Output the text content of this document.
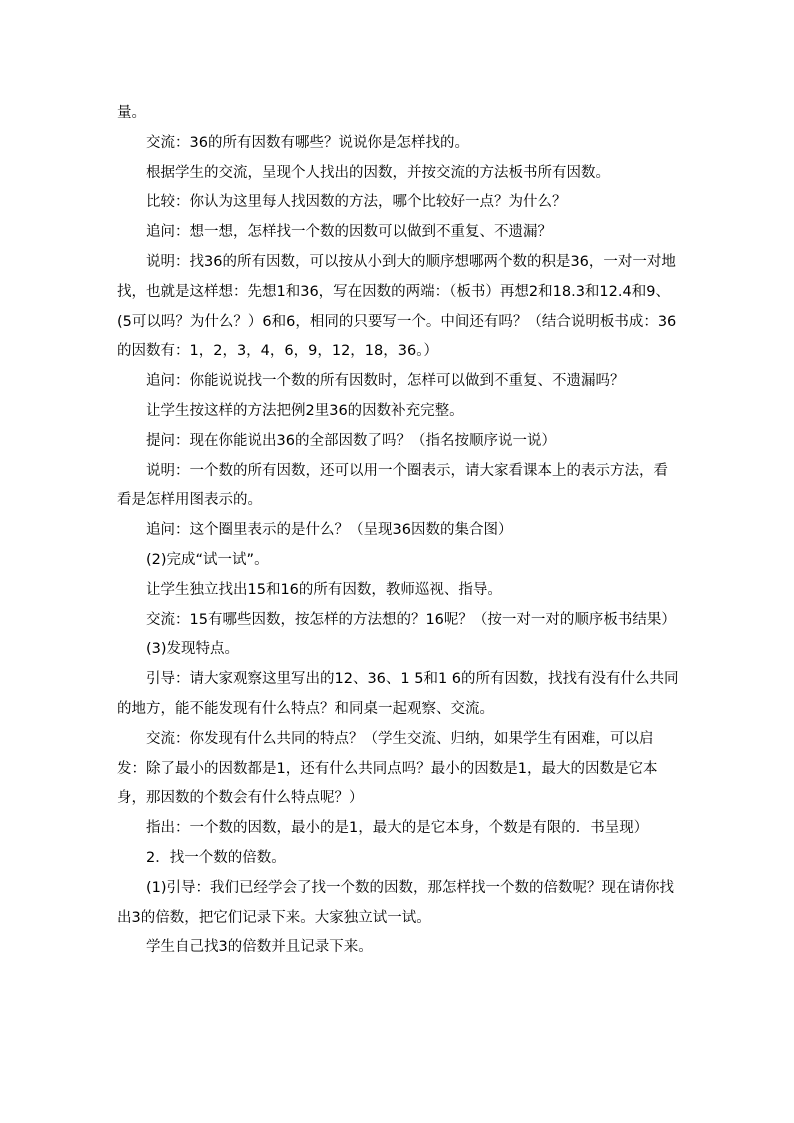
量。

交流：36的所有因数有哪些？说说你是怎样找的。

根据学生的交流，呈现个人找出的因数，并按交流的方法板书所有因数。

比较：你认为这里每人找因数的方法，哪个比较好一点？为什么？

追问：想一想，怎样找一个数的因数可以做到不重复、不遗漏？

说明：找36的所有因数，可以按从小到大的顺序想哪两个数的积是36，一对一对地找，也就是这样想：先想1和36，写在因数的两端：（板书）再想2和18.3和12.4和9、(5可以吗？为什么？）6和6，相同的只要写一个。中间还有吗？（结合说明板书成：36的因数有：1，2，3，4，6，9，12，18，36。）

追问：你能说说找一个数的所有因数时，怎样可以做到不重复、不遗漏吗？

让学生按这样的方法把例2里36的因数补充完整。

提问：现在你能说出36的全部因数了吗？（指名按顺序说一说）

说明：一个数的所有因数，还可以用一个圈表示，请大家看课本上的表示方法，看看是怎样用图表示的。

追问：这个圈里表示的是什么？（呈现36因数的集合图）

(2)完成“试一试”。

让学生独立找出15和16的所有因数，教师巡视、指导。

交流：15有哪些因数，按怎样的方法想的？16呢？（按一对一对的顺序板书结果）

(3)发现特点。

引导：请大家观察这里写出的12、36、1 5和1 6的所有因数，找找有没有什么共同的地方，能不能发现有什么特点？和同桌一起观察、交流。

交流：你发现有什么共同的特点？（学生交流、归纳，如果学生有困难，可以启发：除了最小的因数都是1，还有什么共同点吗？最小的因数是1，最大的因数是它本身，那因数的个数会有什么特点呢？）

指出：一个数的因数，最小的是1，最大的是它本身，个数是有限的．书呈现）

2．找一个数的倍数。

(1)引导：我们已经学会了找一个数的因数，那怎样找一个数的倍数呢？现在请你找出3的倍数，把它们记录下来。大家独立试一试。

学生自己找3的倍数并且记录下来。
